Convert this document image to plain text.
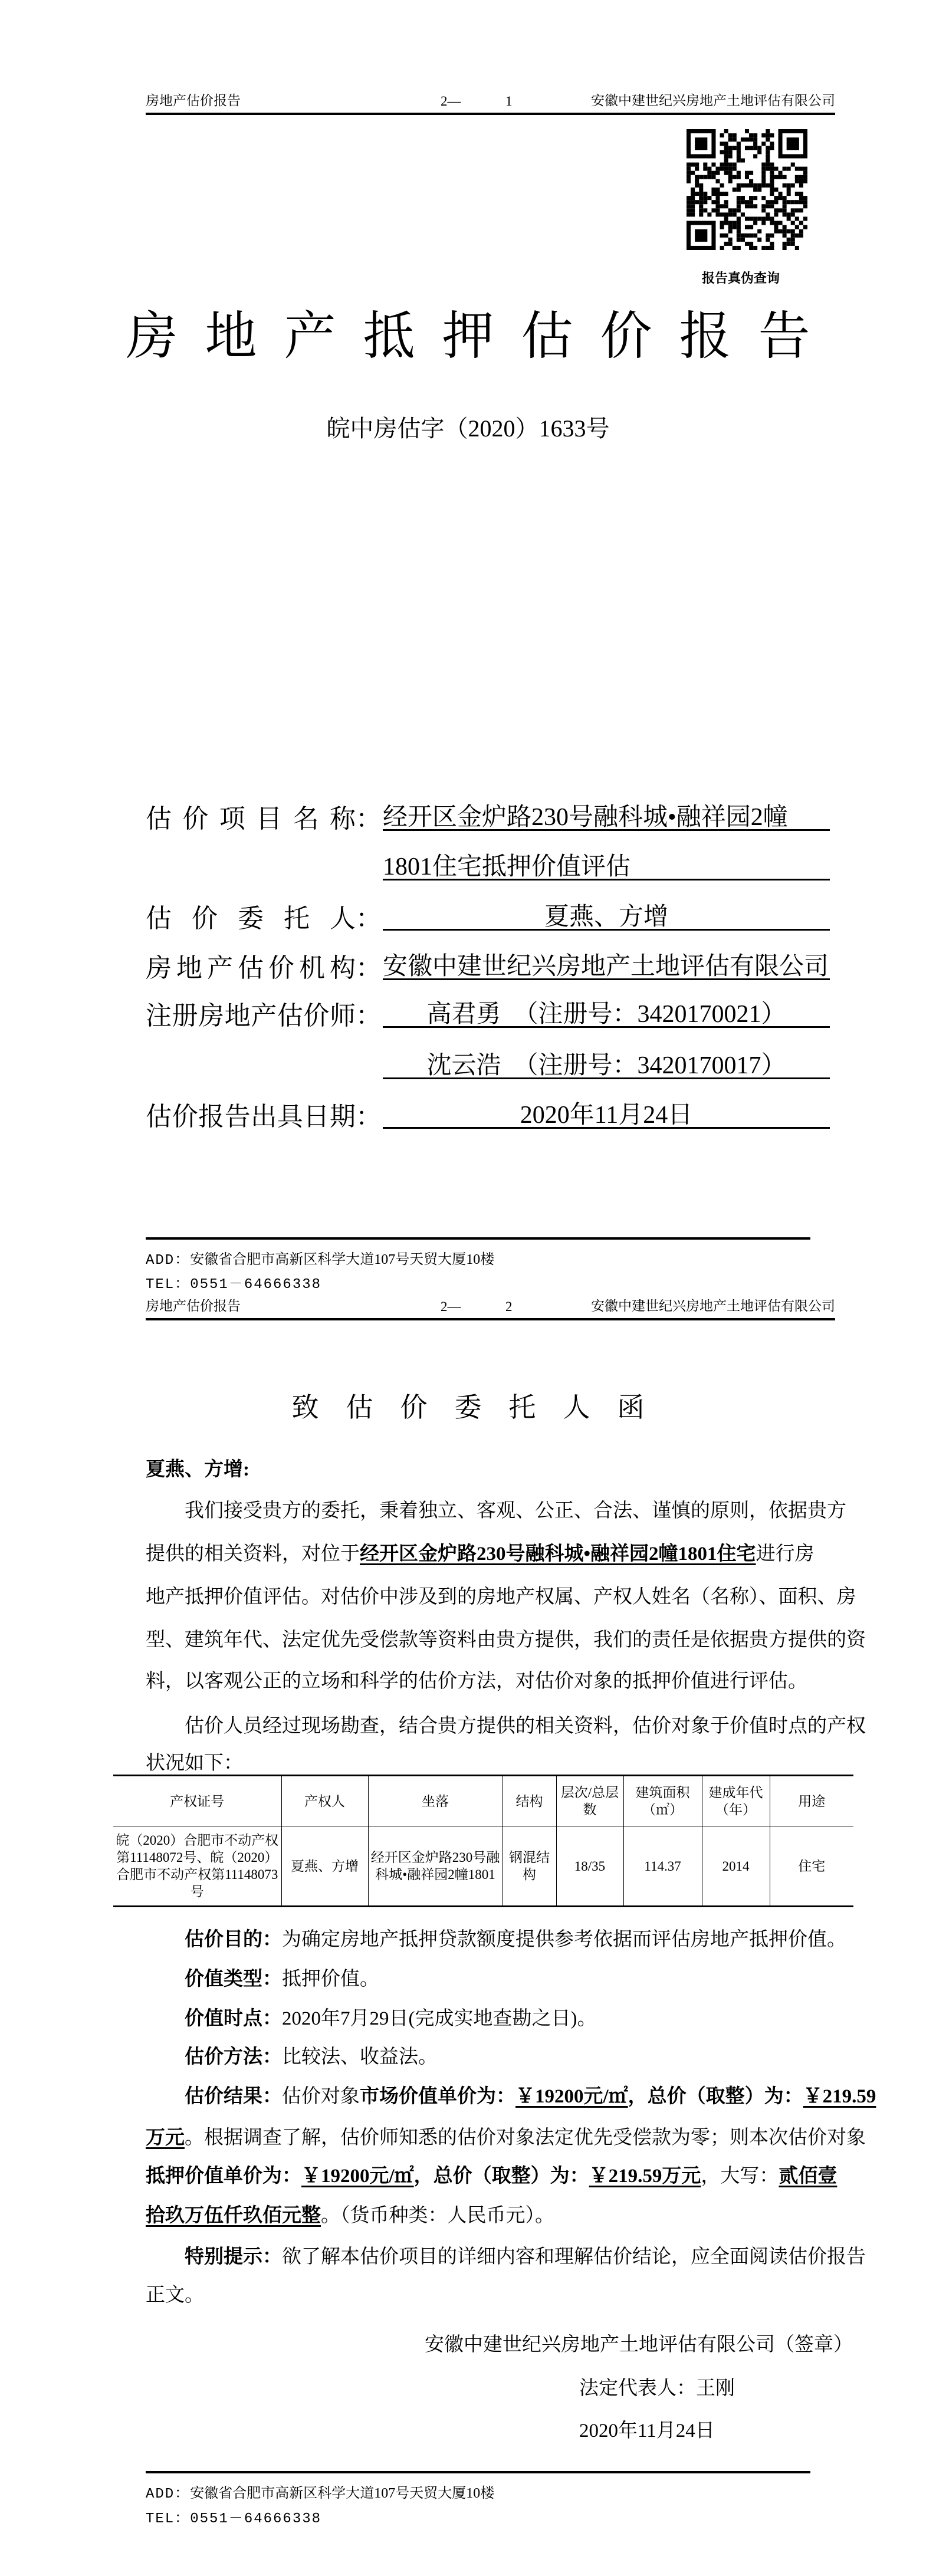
房地产估价报告	2—	1	安徽中建世纪兴房地产土地评估有限公司
报告真伪查询
房地产抵押估价报告
皖中房估字（2020）1633号
估价项目名称 ： 经开区金炉路230号融科城•融祥园2幢
1801住宅抵押价值评估
估价委托人 ：	夏燕、方增
房地产估价机构 ： 安徽中建世纪兴房地产土地评估有限公司
注册房地产估价师 ：	高君勇　（注册号：3420170021）
沈云浩　（注册号：3420170017）
估价报告出具日期 ：	2020年11月24日
ADD：安徽省合肥市高新区科学大道107号天贸大厦10楼
TEL：0551－64666338
房地产估价报告	2—	2	安徽中建世纪兴房地产土地评估有限公司
致估价委托人函
夏燕、方增:
　　我们接受贵方的委托，秉着独立、客观、公正、合法、谨慎的原则，依据贵方
提供的相关资料，对位于经开区金炉路230号融科城•融祥园2幢1801住宅进行房
地产抵押价值评估。对估价中涉及到的房地产权属、产权人姓名（名称）、面积、房
型、建筑年代、法定优先受偿款等资料由贵方提供，我们的责任是依据贵方提供的资
料，以客观公正的立场和科学的估价方法，对估价对象的抵押价值进行评估。
　　估价人员经过现场勘查，结合贵方提供的相关资料，估价对象于价值时点的产权
状况如下：
产权证号	产权人	坐落	结构	层次/总层数	建筑面积（㎡）	建成年代（年）	用途
皖（2020）合肥市不动产权第11148072号、皖（2020）合肥市不动产权第11148073号	夏燕、方增	经开区金炉路230号融科城•融祥园2幢1801	钢混结构	18/35	114.37	2014	住宅
　　估价目的：为确定房地产抵押贷款额度提供参考依据而评估房地产抵押价值。
　　价值类型：抵押价值。
　　价值时点：2020年7月29日(完成实地查勘之日)。
　　估价方法：比较法、收益法。
　　估价结果：估价对象市场价值单价为：￥19200元/㎡，总价（取整）为：￥219.59
万元。根据调查了解，估价师知悉的估价对象法定优先受偿款为零；则本次估价对象
抵押价值单价为：￥19200元/㎡，总价（取整）为：￥219.59万元，大写：贰佰壹
拾玖万伍仟玖佰元整。（货币种类：人民币元）。
　　特别提示：欲了解本估价项目的详细内容和理解估价结论，应全面阅读估价报告
正文。
安徽中建世纪兴房地产土地评估有限公司（签章）
法定代表人：王刚
2020年11月24日
ADD：安徽省合肥市高新区科学大道107号天贸大厦10楼
TEL：0551－64666338
